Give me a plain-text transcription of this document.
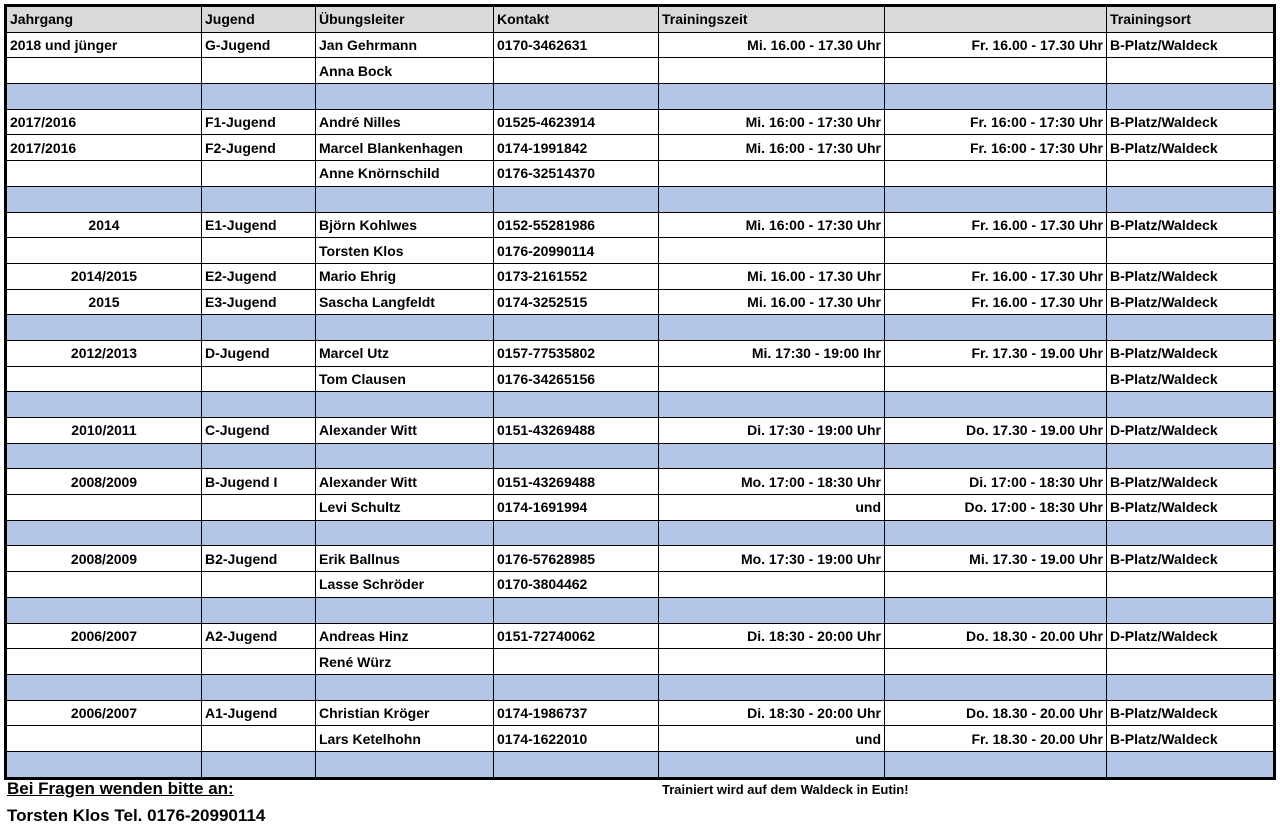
Jahrgang	Jugend	Übungsleiter	Kontakt	Trainingszeit		Trainingsort
2018 und jünger	G-Jugend	Jan Gehrmann	0170-3462631	Mi. 16.00 - 17.30 Uhr	Fr. 16.00 - 17.30 Uhr	B-Platz/Waldeck
		Anna Bock				

2017/2016	F1-Jugend	André Nilles	01525-4623914	Mi. 16:00 - 17:30 Uhr	Fr. 16:00 - 17:30 Uhr	B-Platz/Waldeck
2017/2016	F2-Jugend	Marcel Blankenhagen	0174-1991842	Mi. 16:00 - 17:30 Uhr	Fr. 16:00 - 17:30 Uhr	B-Platz/Waldeck
		Anne Knörnschild	0176-32514370			

2014	E1-Jugend	Björn Kohlwes	0152-55281986	Mi. 16:00 - 17:30 Uhr	Fr. 16.00 - 17.30 Uhr	B-Platz/Waldeck
		Torsten Klos	0176-20990114			
2014/2015	E2-Jugend	Mario Ehrig	0173-2161552	Mi. 16.00 - 17.30 Uhr	Fr. 16.00 - 17.30 Uhr	B-Platz/Waldeck
2015	E3-Jugend	Sascha Langfeldt	0174-3252515	Mi. 16.00 - 17.30 Uhr	Fr. 16.00 - 17.30 Uhr	B-Platz/Waldeck

2012/2013	D-Jugend	Marcel Utz	0157-77535802	Mi. 17:30 - 19:00 Ihr	Fr. 17.30 - 19.00 Uhr	B-Platz/Waldeck
		Tom Clausen	0176-34265156			B-Platz/Waldeck

2010/2011	C-Jugend	Alexander Witt	0151-43269488	Di. 17:30 - 19:00 Uhr	Do. 17.30 - 19.00 Uhr	D-Platz/Waldeck

2008/2009	B-Jugend I	Alexander Witt	0151-43269488	Mo. 17:00 - 18:30 Uhr	Di. 17:00 - 18:30 Uhr	B-Platz/Waldeck
		Levi Schultz	0174-1691994	und	Do. 17:00 - 18:30 Uhr	B-Platz/Waldeck

2008/2009	B2-Jugend	Erik Ballnus	0176-57628985	Mo. 17:30 - 19:00 Uhr	Mi. 17.30 - 19.00 Uhr	B-Platz/Waldeck
		Lasse Schröder	0170-3804462			

2006/2007	A2-Jugend	Andreas Hinz	0151-72740062	Di. 18:30 - 20:00 Uhr	Do. 18.30 - 20.00 Uhr	D-Platz/Waldeck
		René Würz				

2006/2007	A1-Jugend	Christian Kröger	0174-1986737	Di. 18:30 - 20:00 Uhr	Do. 18.30 - 20.00 Uhr	B-Platz/Waldeck
		Lars Ketelhohn	0174-1622010	und	Fr. 18.30 - 20.00 Uhr	B-Platz/Waldeck

Bei Fragen wenden bitte an:
Torsten Klos Tel. 0176-20990114
Trainiert wird auf dem Waldeck in Eutin!
